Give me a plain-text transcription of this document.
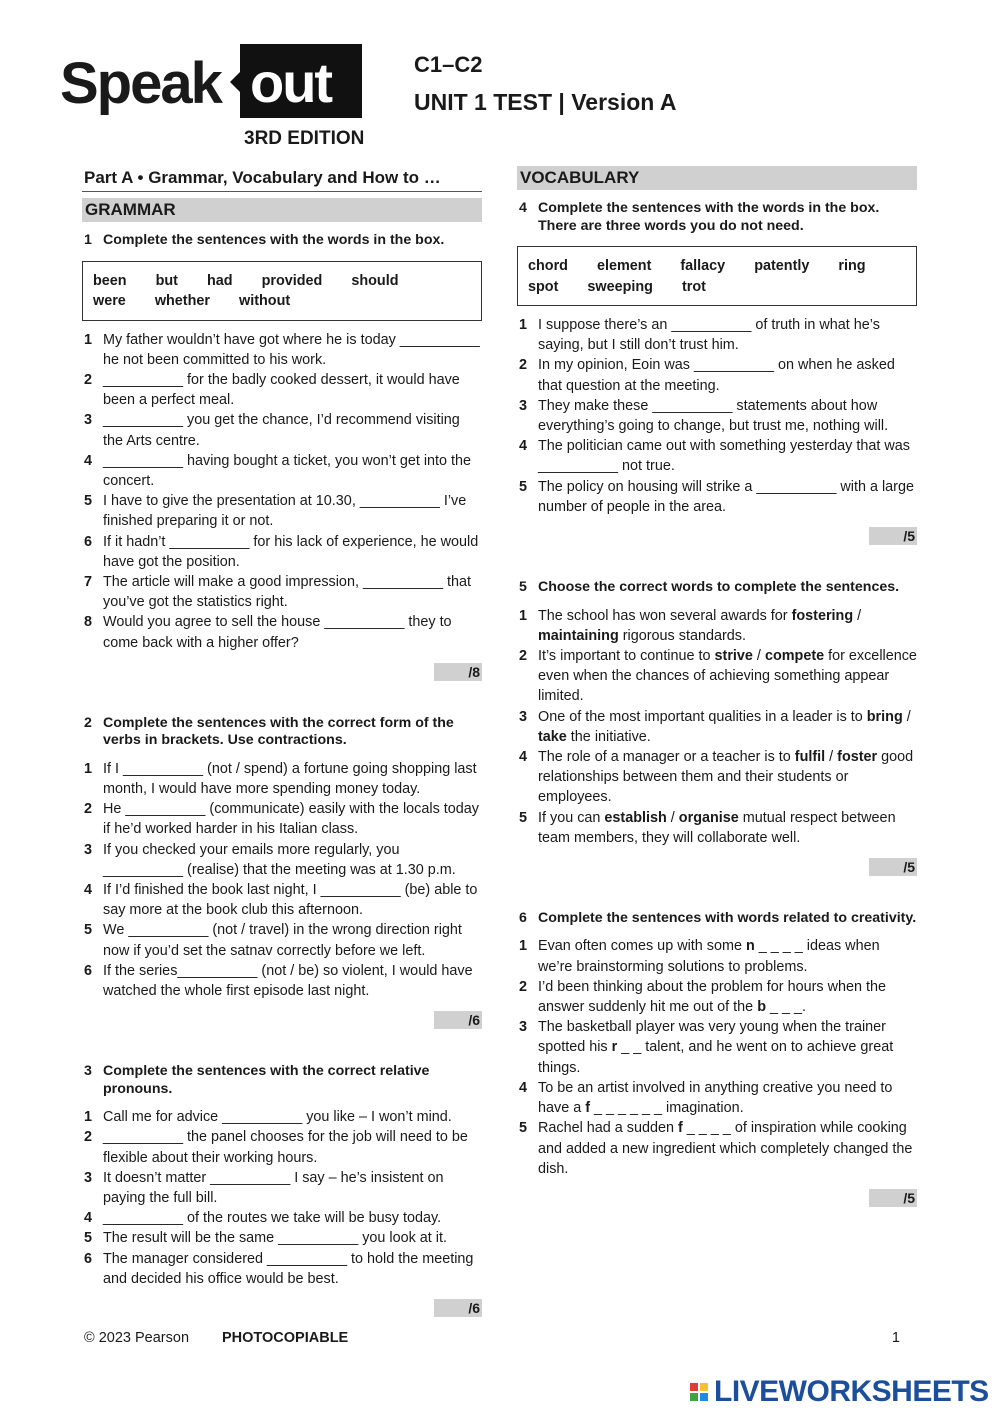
Speak out
3RD EDITION
C1–C2
UNIT 1 TEST | Version A
Part A • Grammar, Vocabulary and How to …
GRAMMAR
1 Complete the sentences with the words in the box.
been but had provided should were whether without
1 My father wouldn’t have got where he is today __________ he not been committed to his work.
2 __________ for the badly cooked dessert, it would have been a perfect meal.
3 __________ you get the chance, I’d recommend visiting the Arts centre.
4 __________ having bought a ticket, you won’t get into the concert.
5 I have to give the presentation at 10.30, __________ I’ve finished preparing it or not.
6 If it hadn’t __________ for his lack of experience, he would have got the position.
7 The article will make a good impression, __________ that you’ve got the statistics right.
8 Would you agree to sell the house __________ they to come back with a higher offer?
/8
2 Complete the sentences with the correct form of the verbs in brackets. Use contractions.
1 If I __________ (not / spend) a fortune going shopping last month, I would have more spending money today.
2 He __________ (communicate) easily with the locals today if he’d worked harder in his Italian class.
3 If you checked your emails more regularly, you __________ (realise) that the meeting was at 1.30 p.m.
4 If I’d finished the book last night, I __________ (be) able to say more at the book club this afternoon.
5 We __________ (not / travel) in the wrong direction right now if you’d set the satnav correctly before we left.
6 If the series__________ (not / be) so violent, I would have watched the whole first episode last night.
/6
3 Complete the sentences with the correct relative pronouns.
1 Call me for advice __________ you like – I won’t mind.
2 __________ the panel chooses for the job will need to be flexible about their working hours.
3 It doesn’t matter __________ I say – he’s insistent on paying the full bill.
4 __________ of the routes we take will be busy today.
5 The result will be the same __________ you look at it.
6 The manager considered __________ to hold the meeting and decided his office would be best.
/6
VOCABULARY
4 Complete the sentences with the words in the box. There are three words you do not need.
chord element fallacy patently ring spot sweeping trot
1 I suppose there’s an __________ of truth in what he’s saying, but I still don’t trust him.
2 In my opinion, Eoin was __________ on when he asked that question at the meeting.
3 They make these __________ statements about how everything’s going to change, but trust me, nothing will.
4 The politician came out with something yesterday that was __________ not true.
5 The policy on housing will strike a __________ with a large number of people in the area.
/5
5 Choose the correct words to complete the sentences.
1 The school has won several awards for fostering / maintaining rigorous standards.
2 It’s important to continue to strive / compete for excellence even when the chances of achieving something appear limited.
3 One of the most important qualities in a leader is to bring / take the initiative.
4 The role of a manager or a teacher is to fulfil / foster good relationships between them and their students or employees.
5 If you can establish / organise mutual respect between team members, they will collaborate well.
/5
6 Complete the sentences with words related to creativity.
1 Evan often comes up with some n _ _ _ _ ideas when we’re brainstorming solutions to problems.
2 I’d been thinking about the problem for hours when the answer suddenly hit me out of the b _ _ _.
3 The basketball player was very young when the trainer spotted his r _ _ talent, and he went on to achieve great things.
4 To be an artist involved in anything creative you need to have a f _ _ _ _ _ _ imagination.
5 Rachel had a sudden f _ _ _ _ of inspiration while cooking and added a new ingredient which completely changed the dish.
/5
© 2023 Pearson PHOTOCOPIABLE	1
LIVEWORKSHEETS
